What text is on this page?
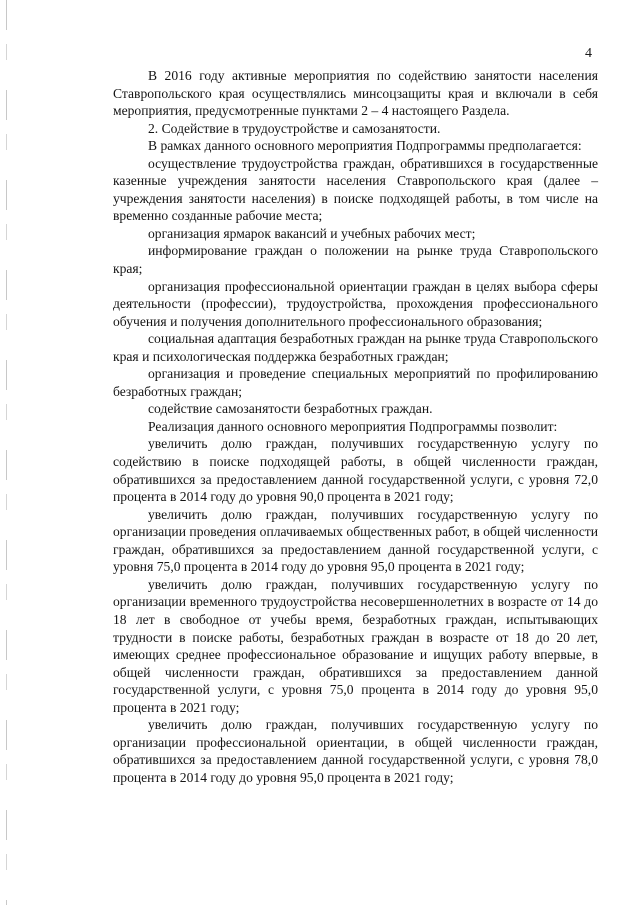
4

В 2016 году активные мероприятия по содействию занятости населения Ставропольского края осуществлялись минсоцзащиты края и включали в себя мероприятия, предусмотренные пунктами 2 – 4 настоящего Раздела.

2. Содействие в трудоустройстве и самозанятости.

В рамках данного основного мероприятия Подпрограммы предполагается:

осуществление трудоустройства граждан, обратившихся в государственные казенные учреждения занятости населения Ставропольского края (далее – учреждения занятости населения) в поиске подходящей работы, в том числе на временно созданные рабочие места;

организация ярмарок вакансий и учебных рабочих мест;

информирование граждан о положении на рынке труда Ставропольского края;

организация профессиональной ориентации граждан в целях выбора сферы деятельности (профессии), трудоустройства, прохождения профессионального обучения и получения дополнительного профессионального образования;

социальная адаптация безработных граждан на рынке труда Ставропольского края и психологическая поддержка безработных граждан;

организация и проведение специальных мероприятий по профилированию безработных граждан;

содействие самозанятости безработных граждан.

Реализация данного основного мероприятия Подпрограммы позволит:

увеличить долю граждан, получивших государственную услугу по содействию в поиске подходящей работы, в общей численности граждан, обратившихся за предоставлением данной государственной услуги, с уровня 72,0 процента в 2014 году до уровня 90,0 процента в 2021 году;

увеличить долю граждан, получивших государственную услугу по организации проведения оплачиваемых общественных работ, в общей численности граждан, обратившихся за предоставлением данной государственной услуги, с уровня 75,0 процента в 2014 году до уровня 95,0 процента в 2021 году;

увеличить долю граждан, получивших государственную услугу по организации временного трудоустройства несовершеннолетних в возрасте от 14 до 18 лет в свободное от учебы время, безработных граждан, испытывающих трудности в поиске работы, безработных граждан в возрасте от 18 до 20 лет, имеющих среднее профессиональное образование и ищущих работу впервые, в общей численности граждан, обратившихся за предоставлением данной государственной услуги, с уровня 75,0 процента в 2014 году до уровня 95,0 процента в 2021 году;

увеличить долю граждан, получивших государственную услугу по организации профессиональной ориентации, в общей численности граждан, обратившихся за предоставлением данной государственной услуги, с уровня 78,0 процента в 2014 году до уровня 95,0 процента в 2021 году;
